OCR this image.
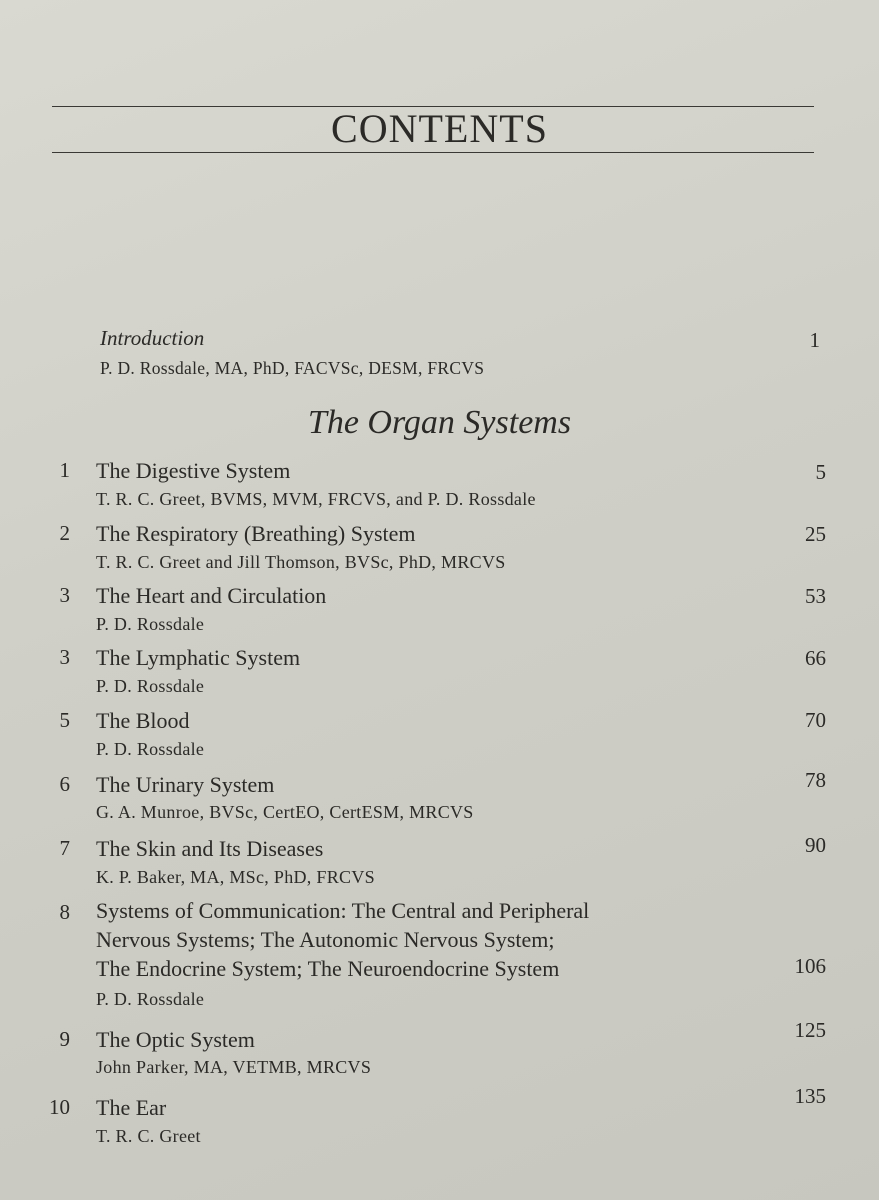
CONTENTS
Introduction	1
P. D. Rossdale, MA, PhD, FACVSc, DESM, FRCVS
The Organ Systems
1 The Digestive System	5
T. R. C. Greet, BVMS, MVM, FRCVS, and P. D. Rossdale
2 The Respiratory (Breathing) System	25
T. R. C. Greet and Jill Thomson, BVSc, PhD, MRCVS
3 The Heart and Circulation	53
P. D. Rossdale
3 The Lymphatic System	66
P. D. Rossdale
5 The Blood	70
P. D. Rossdale
6 The Urinary System	78
G. A. Munroe, BVSc, CertEO, CertESM, MRCVS
7 The Skin and Its Diseases	90
K. P. Baker, MA, MSc, PhD, FRCVS
8 Systems of Communication: The Central and Peripheral
Nervous Systems; The Autonomic Nervous System;
The Endocrine System; The Neuroendocrine System	106
P. D. Rossdale
9 The Optic System	125
John Parker, MA, VETMB, MRCVS
10 The Ear	135
T. R. C. Greet
